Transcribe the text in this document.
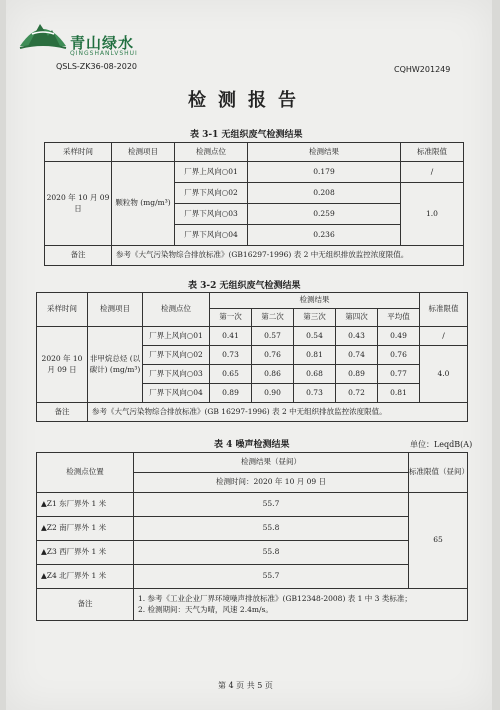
青山绿水
QINGSHANLVSHUI
QSLS-ZK36-08-2020	CQHW201249
检测报告
表 3-1 无组织废气检测结果
采样时间	检测项目	检测点位	检测结果	标准限值
2020 年 10 月 09 日	颗粒物 (mg/m³)	厂界上风向○01	0.179	/
		厂界下风向○02	0.208	1.0
		厂界下风向○03	0.259	
		厂界下风向○04	0.236	
备注	参考《大气污染物综合排放标准》(GB16297-1996) 表 2 中无组织排放监控浓度限值。			
表 3-2 无组织废气检测结果
采样时间	检测项目	检测点位	检测结果					标准限值
			第一次	第二次	第三次	第四次	平均值	
2020 年 10 月 09 日	非甲烷总烃 (以碳计) (mg/m³)	厂界上风向○01	0.41	0.57	0.54	0.43	0.49	/
		厂界下风向○02	0.73	0.76	0.81	0.74	0.76	4.0
		厂界下风向○03	0.65	0.86	0.68	0.89	0.77	
		厂界下风向○04	0.89	0.90	0.73	0.72	0.81	
备注	参考《大气污染物综合排放标准》(GB 16297-1996) 表 2 中无组织排放监控浓度限值。							
表 4 噪声检测结果	单位：LeqdB(A)
检测点位置	检测结果（昼间）	标准限值（昼间）
	检测时间：2020 年 10 月 09 日	
▲Z1 东厂界外 1 米	55.7	65
▲Z2 南厂界外 1 米	55.8	
▲Z3 西厂界外 1 米	55.8	
▲Z4 北厂界外 1 米	55.7	
备注	1. 参考《工业企业厂界环境噪声排放标准》(GB12348-2008) 表 1 中 3 类标准；
2. 检测期间：天气为晴，风速 2.4m/s。	
第 4 页 共 5 页
